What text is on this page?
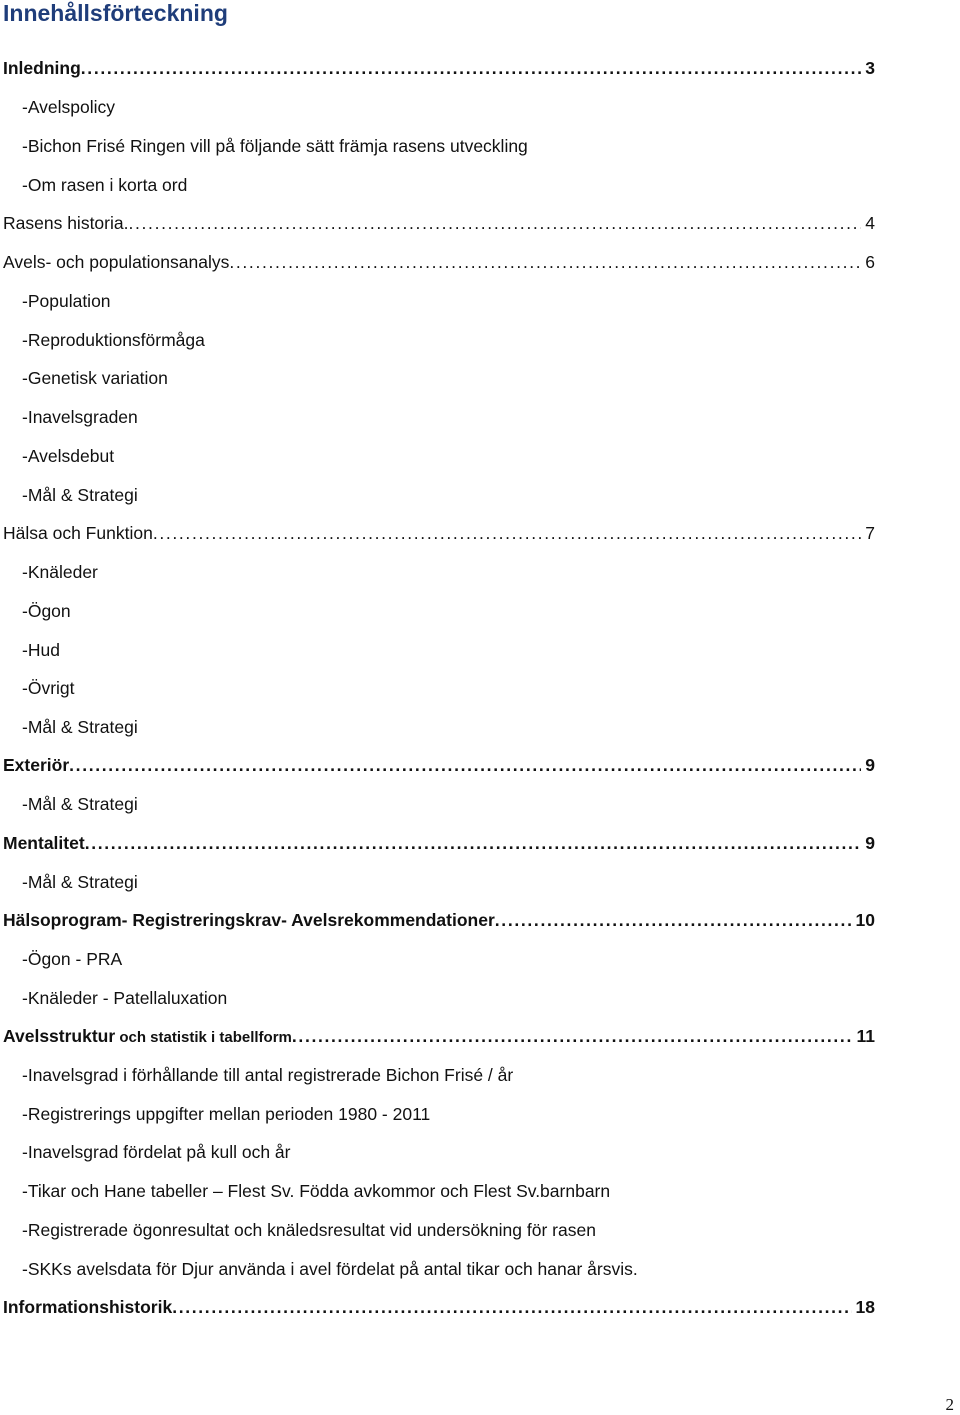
Innehållsförteckning
Inledning . . .	3
-Avelspolicy
-Bichon Frisé Ringen vill på följande sätt främja rasens utveckling
-Om rasen i korta ord
Rasens historia. . . .	4
Avels- och populationsanalys . . .	6
-Population
-Reproduktionsförmåga
-Genetisk variation
-Inavelsgraden
-Avelsdebut
-Mål & Strategi
Hälsa och Funktion . . .	7
-Knäleder
-Ögon
-Hud
-Övrigt
-Mål & Strategi
Exteriör . . .	9
-Mål & Strategi
Mentalitet . . .	9
-Mål & Strategi
Hälsoprogram- Registreringskrav- Avelsrekommendationer . . .	10
-Ögon - PRA
-Knäleder - Patellaluxation
Avelsstruktur och statistik i tabellform . . .	11
-Inavelsgrad i förhållande till antal registrerade Bichon Frisé / år
-Registrerings uppgifter mellan perioden 1980 - 2011
-Inavelsgrad fördelat på kull och år
-Tikar och Hane tabeller – Flest Sv. Födda avkommor och Flest Sv.barnbarn
-Registrerade ögonresultat och knäledsresultat vid undersökning för rasen
-SKKs avelsdata för Djur använda i avel fördelat på antal tikar och hanar årsvis.
Informationshistorik . . .	18
2
